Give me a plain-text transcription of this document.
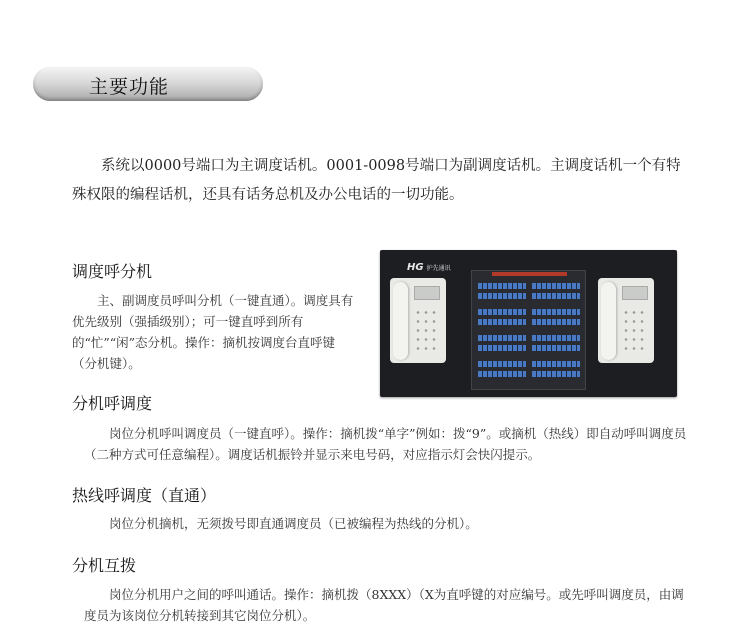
主要功能

系统以0000号端口为主调度话机。0001-0098号端口为副调度话机。主调度话机一个有特殊权限的编程话机，还具有话务总机及办公电话的一切功能。

调度呼分机

主、副调度员呼叫分机（一键直通）。调度具有优先级别（强插级别）；可一键直呼到所有的“忙”“闲”态分机。操作：摘机按调度台直呼键（分机键）。

HG 护先通讯
分机呼调度

岗位分机呼叫调度员（一键直呼）。操作：摘机拨“单字”例如：拨“9”。或摘机（热线）即自动呼叫调度员（二种方式可任意编程）。调度话机振铃并显示来电号码，对应指示灯会快闪提示。

热线呼调度（直通）

岗位分机摘机，无须拨号即直通调度员（已被编程为热线的分机）。

分机互拨

岗位分机用户之间的呼叫通话。操作：摘机拨（8XXX）（X为直呼键的对应编号。或先呼叫调度员，由调度员为该岗位分机转接到其它岗位分机）。
